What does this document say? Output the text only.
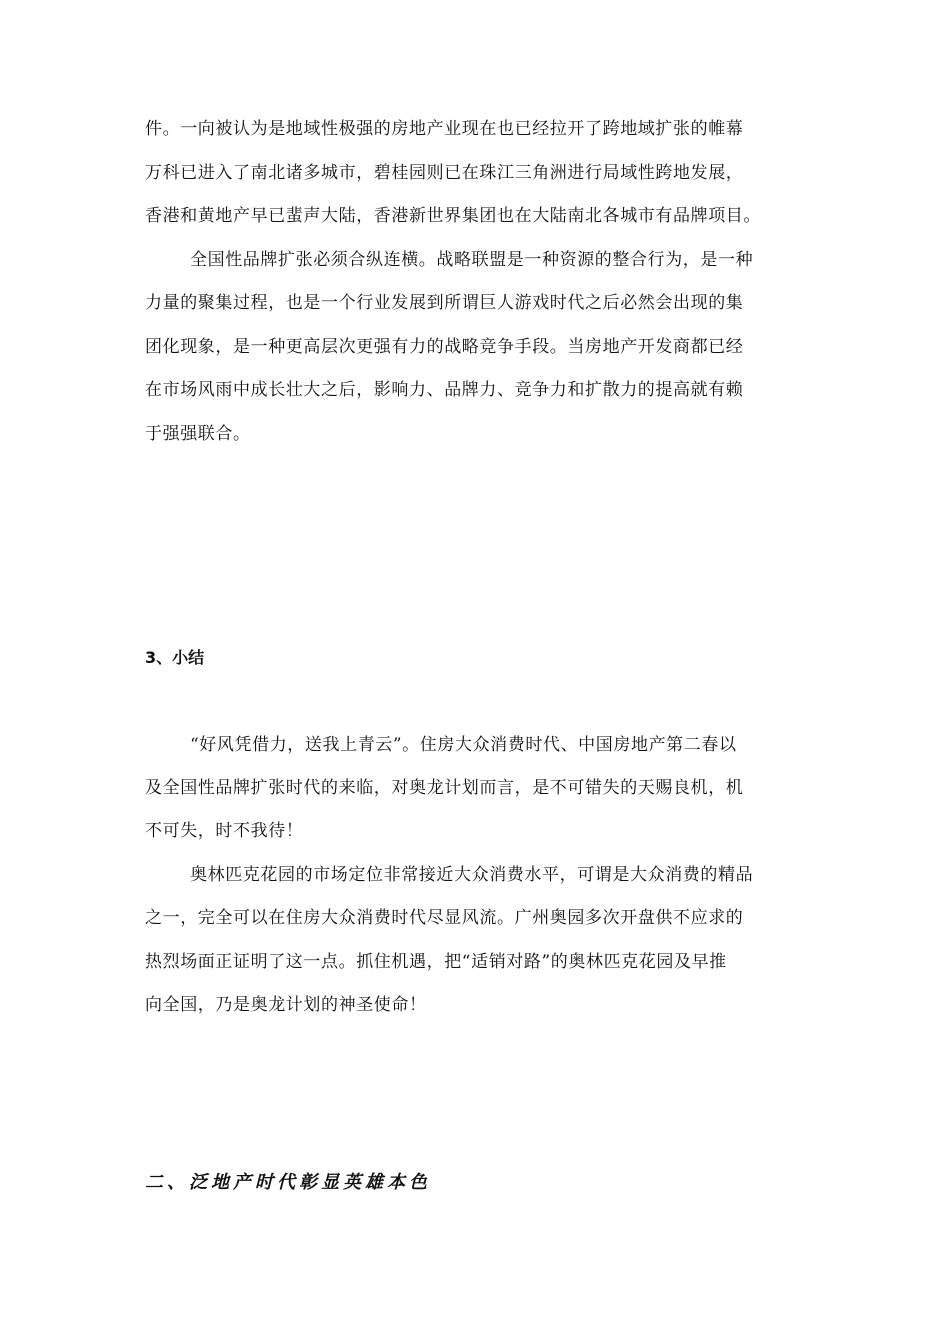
件。一向被认为是地域性极强的房地产业现在也已经拉开了跨地域扩张的帷幕
万科已进入了南北诸多城市，碧桂园则已在珠江三角洲进行局域性跨地发展，
香港和黄地产早已蜚声大陆，香港新世界集团也在大陆南北各城市有品牌项目。
全国性品牌扩张必须合纵连横。战略联盟是一种资源的整合行为，是一种
力量的聚集过程，也是一个行业发展到所谓巨人游戏时代之后必然会出现的集
团化现象，是一种更高层次更强有力的战略竞争手段。当房地产开发商都已经
在市场风雨中成长壮大之后，影响力、品牌力、竞争力和扩散力的提高就有赖
于强强联合。
3、小结
“好风凭借力，送我上青云”。住房大众消费时代、中国房地产第二春以
及全国性品牌扩张时代的来临，对奥龙计划而言，是不可错失的天赐良机，机
不可失，时不我待！
奥林匹克花园的市场定位非常接近大众消费水平，可谓是大众消费的精品
之一，完全可以在住房大众消费时代尽显风流。广州奥园多次开盘供不应求的
热烈场面正证明了这一点。抓住机遇，把“适销对路”的奥林匹克花园及早推
向全国，乃是奥龙计划的神圣使命！
二、泛地产时代彰显英雄本色
